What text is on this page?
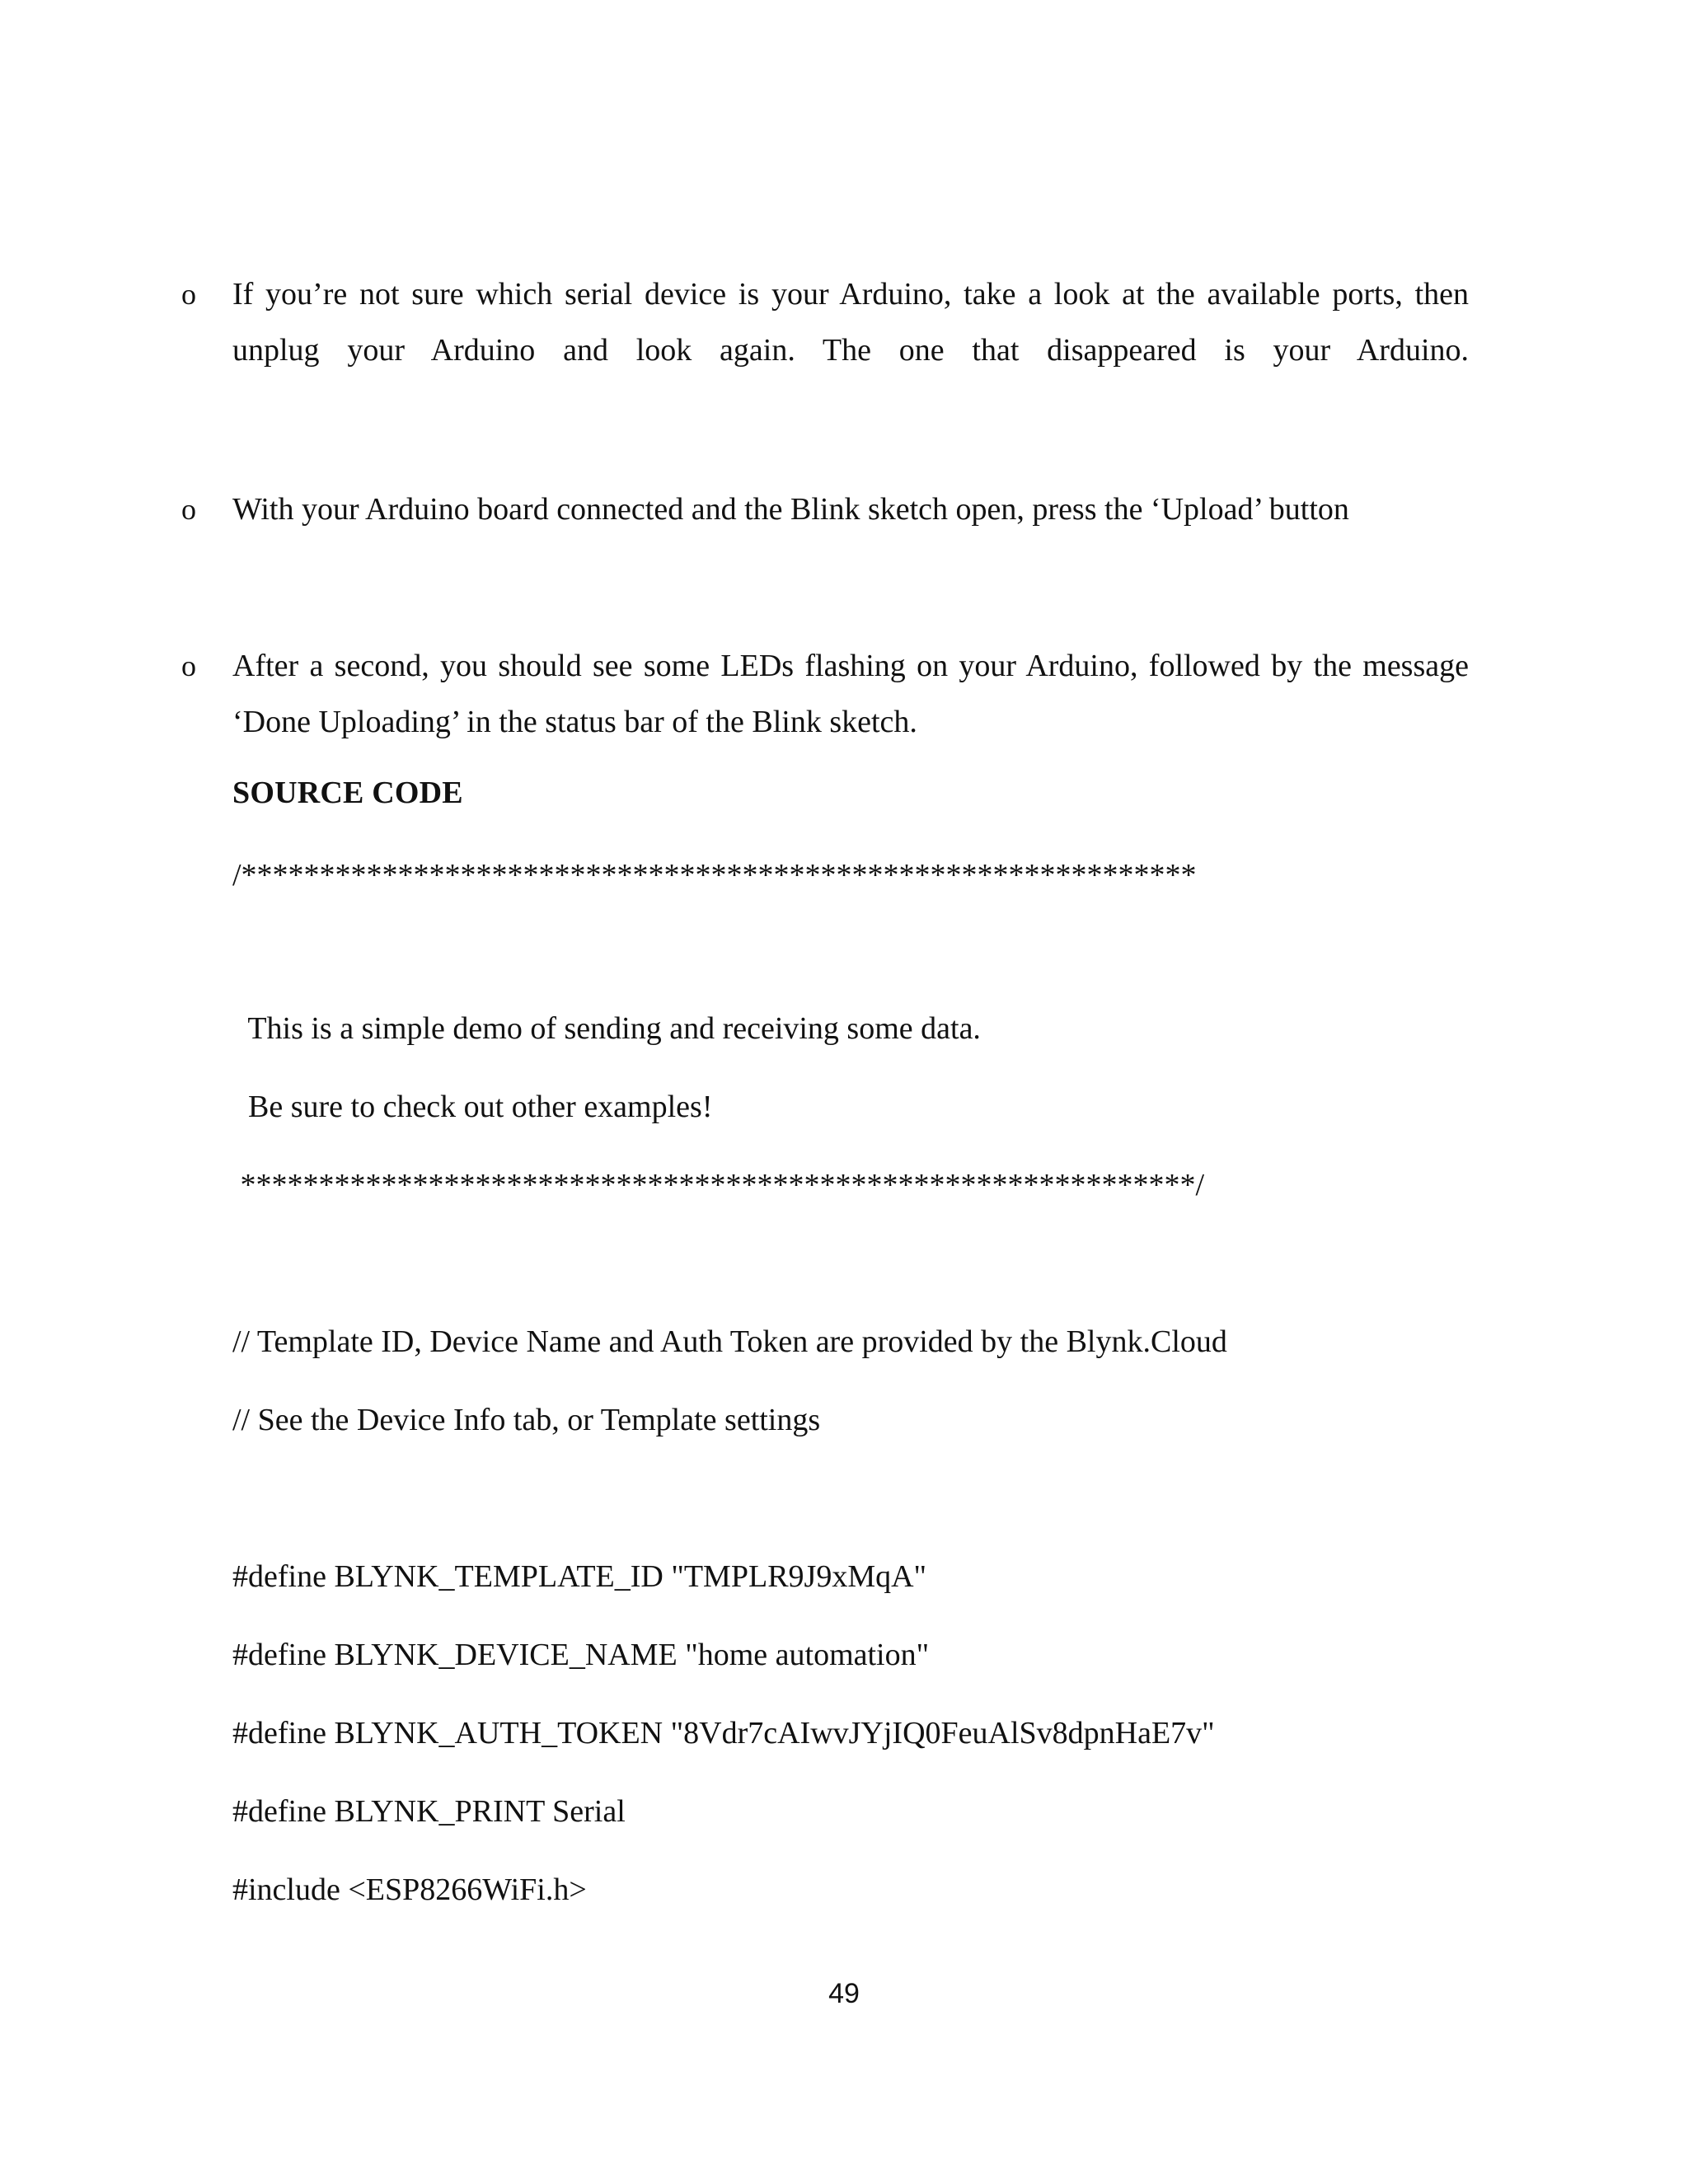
o	If you’re not sure which serial device is your Arduino, take a look at the available ports, then unplug your Arduino and look again. The one that disappeared is your Arduino.
o	With your Arduino board connected and the Blink sketch open, press the ‘Upload’ button
o	After a second, you should see some LEDs flashing on your Arduino, followed by the message ‘Done Uploading’ in the status bar of the Blink sketch.
SOURCE CODE
/*************************************************************
This is a simple demo of sending and receiving some data.
Be sure to check out other examples!
*************************************************************/
// Template ID, Device Name and Auth Token are provided by the Blynk.Cloud
// See the Device Info tab, or Template settings
#define BLYNK_TEMPLATE_ID "TMPLR9J9xMqA"
#define BLYNK_DEVICE_NAME "home automation"
#define BLYNK_AUTH_TOKEN "8Vdr7cAIwvJYjIQ0FeuAlSv8dpnHaE7v"
#define BLYNK_PRINT Serial
#include <ESP8266WiFi.h>
49
